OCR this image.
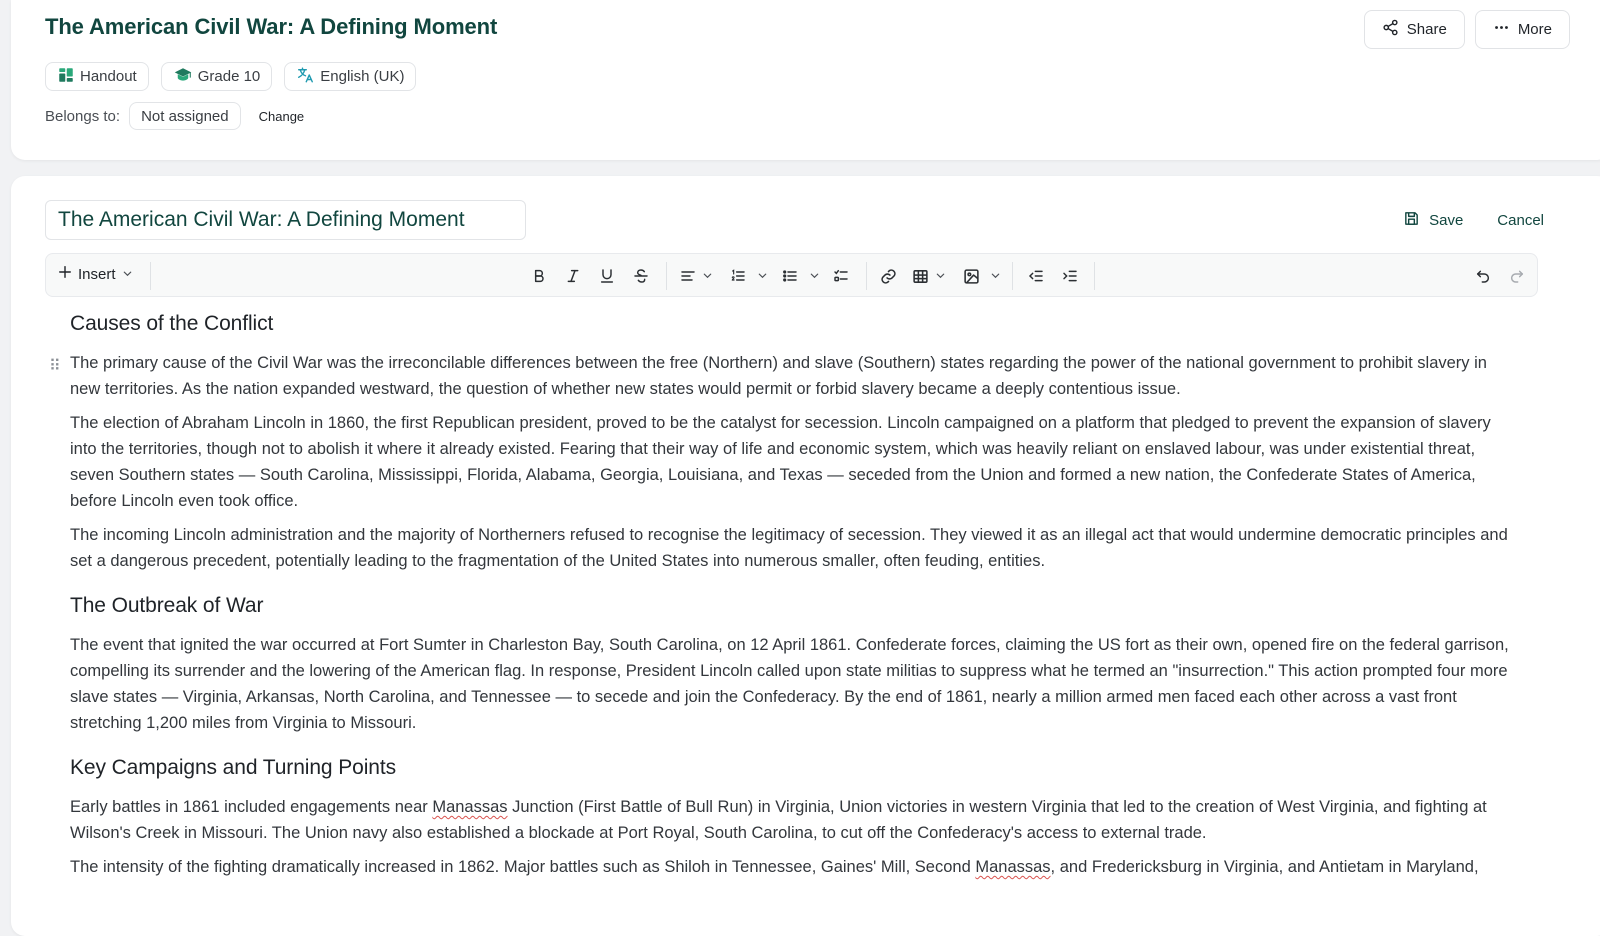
The American Civil War: A Defining Moment	Share	More
Handout	Grade 10	English (UK)
Belongs to:	Not assigned	Change
The American Civil War: A Defining Moment
Save Cancel
Insert
⠿
Causes of the Conflict

The primary cause of the Civil War was the irreconcilable differences between the free (Northern) and slave (Southern) states regarding the power of the national government to prohibit slavery in new territories. As the nation expanded westward, the question of whether new states would permit or forbid slavery became a deeply contentious issue.

The election of Abraham Lincoln in 1860, the first Republican president, proved to be the catalyst for secession. Lincoln campaigned on a platform that pledged to prevent the expansion of slavery into the territories, though not to abolish it where it already existed. Fearing that their way of life and economic system, which was heavily reliant on enslaved labour, was under existential threat, seven Southern states — South Carolina, Mississippi, Florida, Alabama, Georgia, Louisiana, and Texas — seceded from the Union and formed a new nation, the Confederate States of America, before Lincoln even took office.

The incoming Lincoln administration and the majority of Northerners refused to recognise the legitimacy of secession. They viewed it as an illegal act that would undermine democratic principles and set a dangerous precedent, potentially leading to the fragmentation of the United States into numerous smaller, often feuding, entities.

The Outbreak of War

The event that ignited the war occurred at Fort Sumter in Charleston Bay, South Carolina, on 12 April 1861. Confederate forces, claiming the US fort as their own, opened fire on the federal garrison, compelling its surrender and the lowering of the American flag. In response, President Lincoln called upon state militias to suppress what he termed an "insurrection." This action prompted four more slave states — Virginia, Arkansas, North Carolina, and Tennessee — to secede and join the Confederacy. By the end of 1861, nearly a million armed men faced each other across a vast front stretching 1,200 miles from Virginia to Missouri.

Key Campaigns and Turning Points

Early battles in 1861 included engagements near Manassas Junction (First Battle of Bull Run) in Virginia, Union victories in western Virginia that led to the creation of West Virginia, and fighting at Wilson's Creek in Missouri. The Union navy also established a blockade at Port Royal, South Carolina, to cut off the Confederacy's access to external trade.

The intensity of the fighting dramatically increased in 1862. Major battles such as Shiloh in Tennessee, Gaines' Mill, Second Manassas, and Fredericksburg in Virginia, and Antietam in Maryland,
